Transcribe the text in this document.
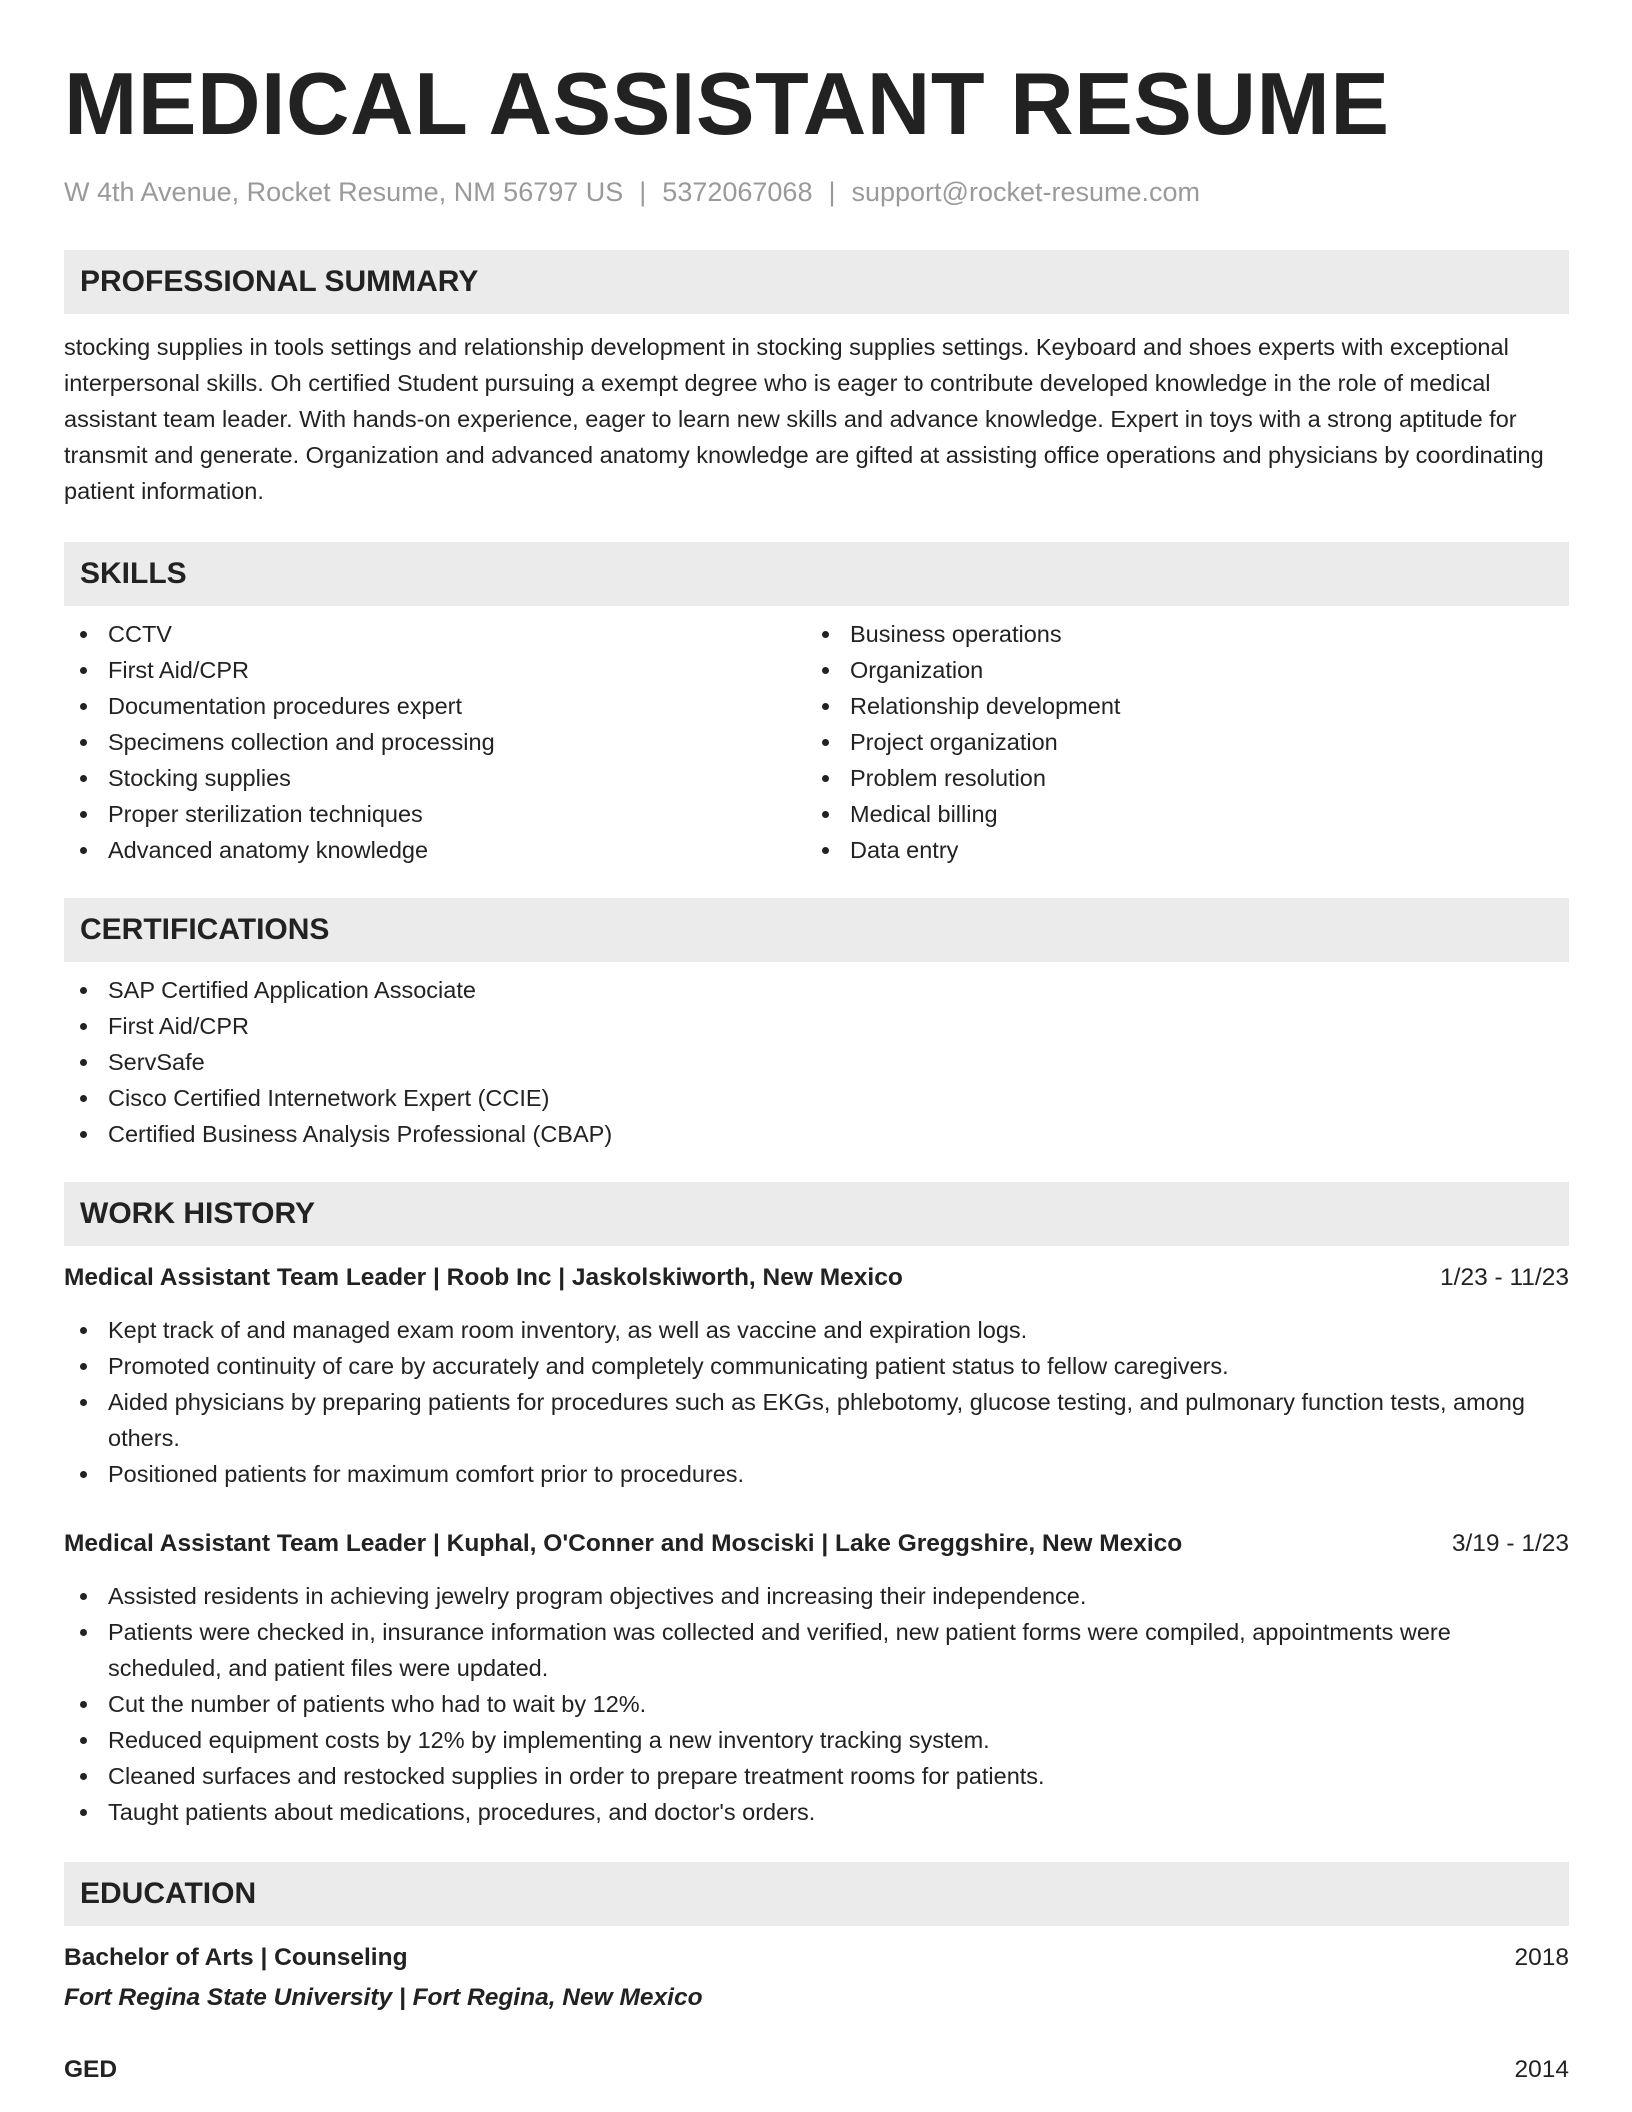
MEDICAL ASSISTANT RESUME
W 4th Avenue, Rocket Resume, NM 56797 US | 5372067068 | support@rocket-resume.com
PROFESSIONAL SUMMARY
stocking supplies in tools settings and relationship development in stocking supplies settings. Keyboard and shoes experts with exceptional interpersonal skills. Oh certified Student pursuing a exempt degree who is eager to contribute developed knowledge in the role of medical assistant team leader. With hands-on experience, eager to learn new skills and advance knowledge. Expert in toys with a strong aptitude for transmit and generate. Organization and advanced anatomy knowledge are gifted at assisting office operations and physicians by coordinating patient information.
SKILLS
CCTV
First Aid/CPR
Documentation procedures expert
Specimens collection and processing
Stocking supplies
Proper sterilization techniques
Advanced anatomy knowledge
Business operations
Organization
Relationship development
Project organization
Problem resolution
Medical billing
Data entry
CERTIFICATIONS
SAP Certified Application Associate
First Aid/CPR
ServSafe
Cisco Certified Internetwork Expert (CCIE)
Certified Business Analysis Professional (CBAP)
WORK HISTORY
Medical Assistant Team Leader | Roob Inc | Jaskolskiworth, New Mexico	1/23 - 11/23
Kept track of and managed exam room inventory, as well as vaccine and expiration logs.
Promoted continuity of care by accurately and completely communicating patient status to fellow caregivers.
Aided physicians by preparing patients for procedures such as EKGs, phlebotomy, glucose testing, and pulmonary function tests, among others.
Positioned patients for maximum comfort prior to procedures.
Medical Assistant Team Leader | Kuphal, O'Conner and Mosciski | Lake Greggshire, New Mexico	3/19 - 1/23
Assisted residents in achieving jewelry program objectives and increasing their independence.
Patients were checked in, insurance information was collected and verified, new patient forms were compiled, appointments were scheduled, and patient files were updated.
Cut the number of patients who had to wait by 12%.
Reduced equipment costs by 12% by implementing a new inventory tracking system.
Cleaned surfaces and restocked supplies in order to prepare treatment rooms for patients.
Taught patients about medications, procedures, and doctor's orders.
EDUCATION
Bachelor of Arts | Counseling	2018
Fort Regina State University | Fort Regina, New Mexico
GED	2014
